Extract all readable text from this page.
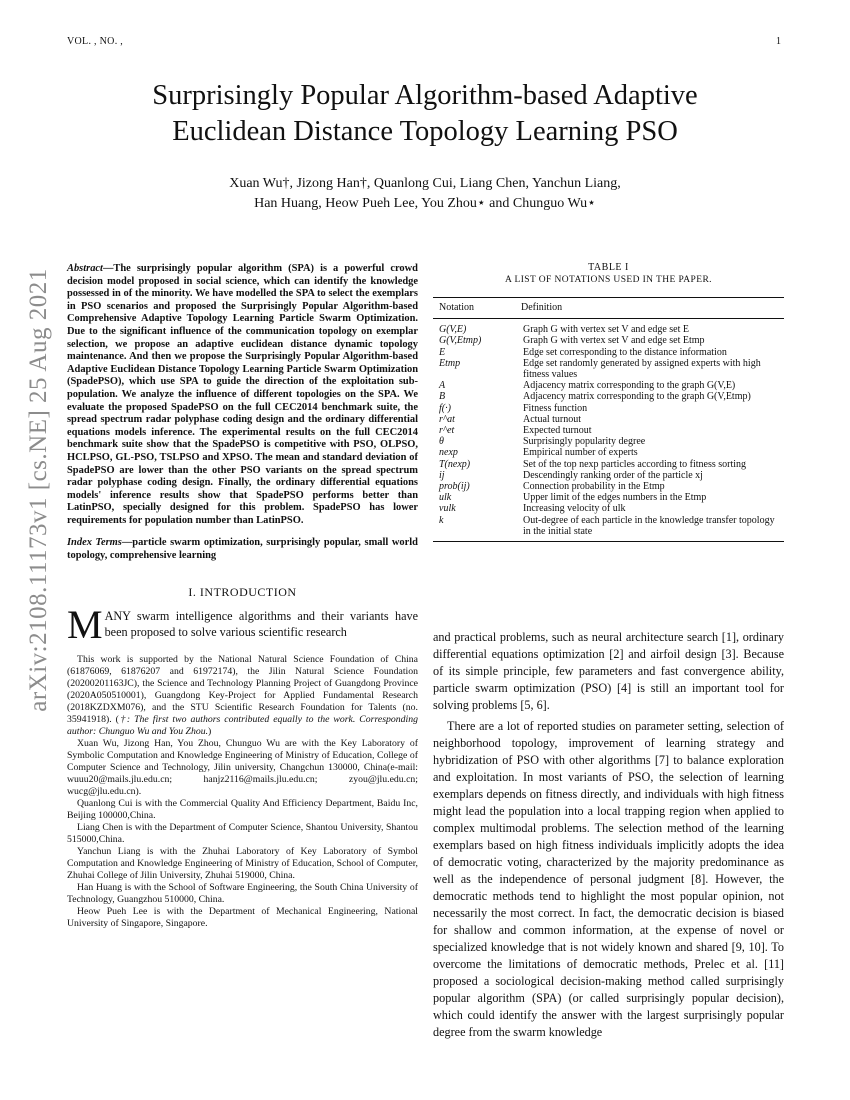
VOL. , NO. ,	1
arXiv:2108.11173v1 [cs.NE] 25 Aug 2021
Surprisingly Popular Algorithm-based Adaptive
Euclidean Distance Topology Learning PSO
Xuan Wu†, Jizong Han†, Quanlong Cui, Liang Chen, Yanchun Liang,
Han Huang, Heow Pueh Lee, You Zhou⋆ and Chunguo Wu⋆

Abstract—The surprisingly popular algorithm (SPA) is a powerful crowd decision model proposed in social science, which can identify the knowledge possessed in of the minority. We have modelled the SPA to select the exemplars in PSO scenarios and proposed the Surprisingly Popular Algorithm-based Comprehensive Adaptive Topology Learning Particle Swarm Optimization. Due to the significant influence of the communication topology on exemplar selection, we propose an adaptive euclidean distance dynamic topology maintenance. And then we propose the Surprisingly Popular Algorithm-based Adaptive Euclidean Distance Topology Learning Particle Swarm Optimization (SpadePSO), which use SPA to guide the direction of the exploitation sub-population. We analyze the influence of different topologies on the SPA. We evaluate the proposed SpadePSO on the full CEC2014 benchmark suite, the spread spectrum radar polyphase coding design and the ordinary differential equations models inference. The experimental results on the full CEC2014 benchmark suite show that the SpadePSO is competitive with PSO, OLPSO, HCLPSO, GL-PSO, TSLPSO and XPSO. The mean and standard deviation of SpadePSO are lower than the other PSO variants on the spread spectrum radar polyphase coding design. Finally, the ordinary differential equations models' inference results show that SpadePSO performs better than LatinPSO, specially designed for this problem. SpadePSO has lower requirements for population number than LatinPSO.

Index Terms—particle swarm optimization, surprisingly popular, small world topology, comprehensive learning

I. INTRODUCTION

MANY swarm intelligence algorithms and their variants have been proposed to solve various scientific research

This work is supported by the National Natural Science Foundation of China (61876069, 61876207 and 61972174), the Jilin Natural Science Foundation (20200201163JC), the Science and Technology Planning Project of Guangdong Province (2020A050510001), Guangdong Key-Project for Applied Fundamental Research (2018KZDXM076), and the STU Scientific Research Foundation for Talents (no. 35941918). (†: The first two authors contributed equally to the work. Corresponding author: Chunguo Wu and You Zhou.)

Xuan Wu, Jizong Han, You Zhou, Chunguo Wu are with the Key Laboratory of Symbolic Computation and Knowledge Engineering of Ministry of Education, College of Computer Science and Technology, Jilin university, Changchun 130000, China(e-mail: wuuu20@mails.jlu.edu.cn; hanjz2116@mails.jlu.edu.cn; zyou@jlu.edu.cn; wucg@jlu.edu.cn).

Quanlong Cui is with the Commercial Quality And Efficiency Department, Baidu Inc, Beijing 100000,China.

Liang Chen is with the Department of Computer Science, Shantou University, Shantou 515000,China.

Yanchun Liang is with the Zhuhai Laboratory of Key Laboratory of Symbol Computation and Knowledge Engineering of Ministry of Education, School of Computer, Zhuhai College of Jilin University, Zhuhai 519000, China.

Han Huang is with the School of Software Engineering, the South China University of Technology, Guangzhou 510000, China.

Heow Pueh Lee is with the Department of Mechanical Engineering, National University of Singapore, Singapore.

TABLE I
A LIST OF NOTATIONS USED IN THE PAPER.
Notation	Definition
G(V,E)	Graph G with vertex set V and edge set E
G(V,Etmp)	Graph G with vertex set V and edge set Etmp
E	Edge set corresponding to the distance information
Etmp	Edge set randomly generated by assigned experts with high fitness values
A	Adjacency matrix corresponding to the graph G(V,E)
B	Adjacency matrix corresponding to the graph G(V,Etmp)
f(·)	Fitness function
r^at	Actual turnout
r^et	Expected turnout
θ	Surprisingly popularity degree
nexp	Empirical number of experts
T(nexp)	Set of the top nexp particles according to fitness sorting
ij	Descendingly ranking order of the particle xj
prob(ij)	Connection probability in the Etmp
ulk	Upper limit of the edges numbers in the Etmp
vulk	Increasing velocity of ulk
k	Out-degree of each particle in the knowledge transfer topology in the initial state

and practical problems, such as neural architecture search [1], ordinary differential equations optimization [2] and airfoil design [3]. Because of its simple principle, few parameters and fast convergence ability, particle swarm optimization (PSO) [4] is still an important tool for solving problems [5, 6].

There are a lot of reported studies on parameter setting, selection of neighborhood topology, improvement of learning strategy and hybridization of PSO with other algorithms [7] to balance exploration and exploitation. In most variants of PSO, the selection of learning exemplars depends on fitness directly, and individuals with high fitness might lead the population into a local trapping region when applied to complex multimodal problems. The selection method of the learning exemplars based on high fitness individuals implicitly adopts the idea of democratic voting, characterized by the majority predominance as well as the independence of personal judgment [8]. However, the democratic methods tend to highlight the most popular opinion, not necessarily the most correct. In fact, the democratic decision is biased for shallow and common information, at the expense of novel or specialized knowledge that is not widely known and shared [9, 10]. To overcome the limitations of democratic methods, Prelec et al. [11] proposed a sociological decision-making method called surprisingly popular algorithm (SPA) (or called surprisingly popular decision), which could identify the answer with the largest surprisingly popular degree from the swarm knowledge
